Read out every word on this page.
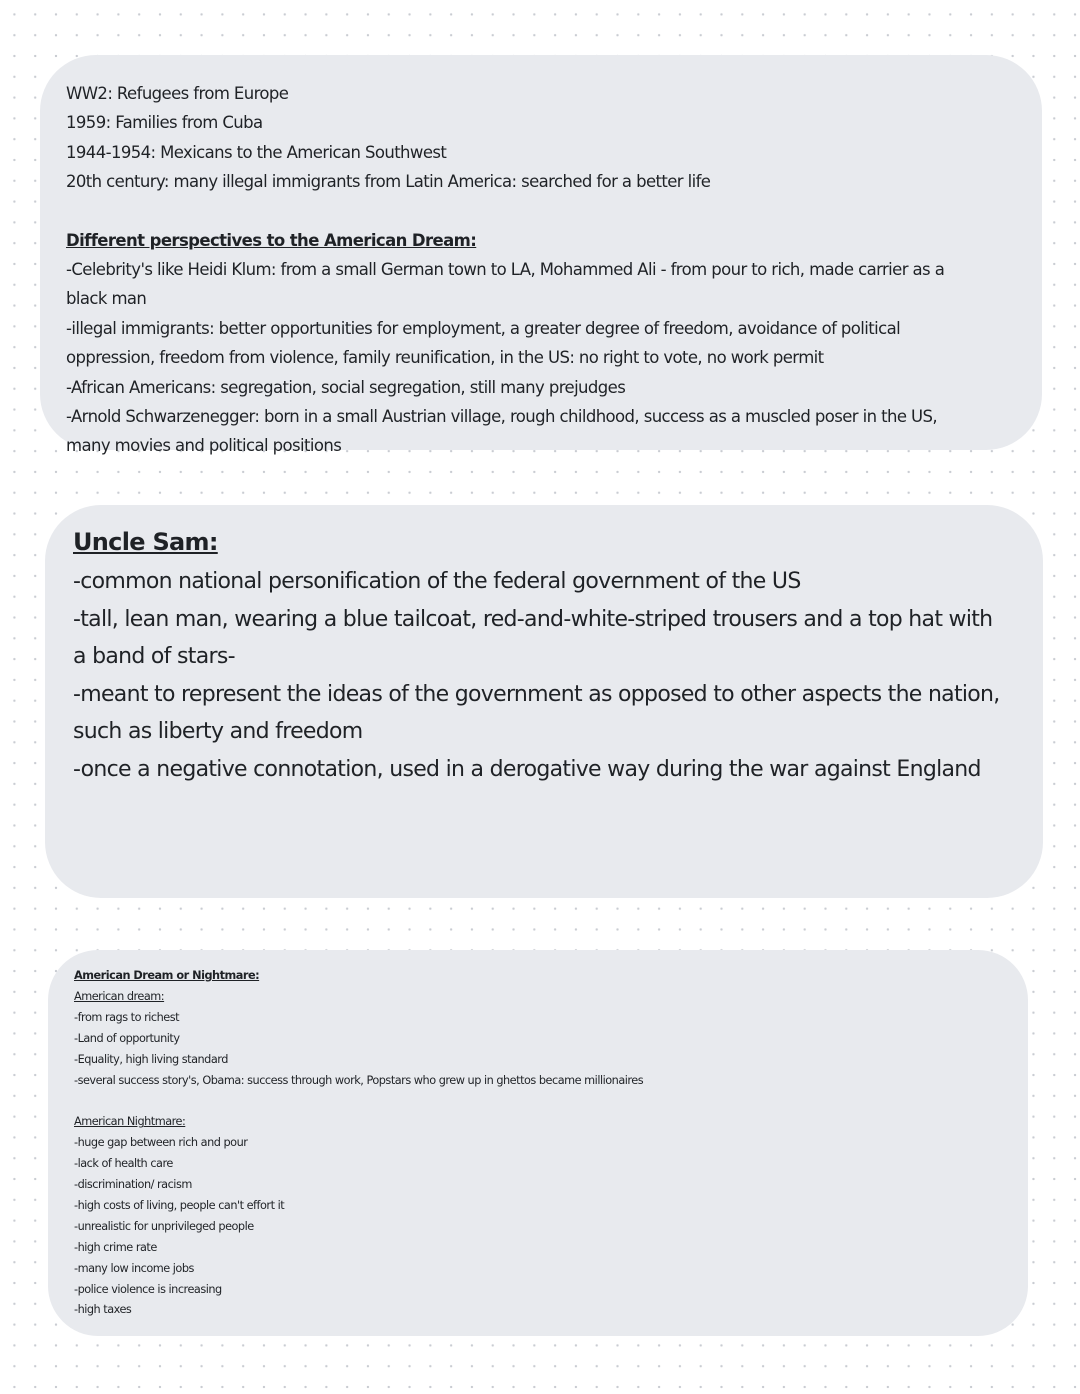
WW2: Refugees from Europe
1959: Families from Cuba
1944-1954: Mexicans to the American Southwest
20th century: many illegal immigrants from Latin America: searched for a better life
Different perspectives to the American Dream:
-Celebrity's like Heidi Klum: from a small German town to LA, Mohammed Ali - from pour to rich, made carrier as a black man
-illegal immigrants: better opportunities for employment, a greater degree of freedom, avoidance of political oppression, freedom from violence, family reunification, in the US: no right to vote, no work permit
-African Americans: segregation, social segregation, still many prejudges
-Arnold Schwarzenegger: born in a small Austrian village, rough childhood, success as a muscled poser in the US, many movies and political positions
Uncle Sam:
-common national personification of the federal government of the US
-tall, lean man, wearing a blue tailcoat, red-and-white-striped trousers and a top hat with a band of stars-
-meant to represent the ideas of the government as opposed to other aspects the nation, such as liberty and freedom
-once a negative connotation, used in a derogative way during the war against England
American Dream or Nightmare:
American dream:
-from rags to richest
-Land of opportunity
-Equality, high living standard
-several success story's, Obama: success through work, Popstars who grew up in ghettos became millionaires
American Nightmare:
-huge gap between rich and pour
-lack of health care
-discrimination/ racism
-high costs of living, people can't effort it
-unrealistic for unprivileged people
-high crime rate
-many low income jobs
-police violence is increasing
-high taxes
